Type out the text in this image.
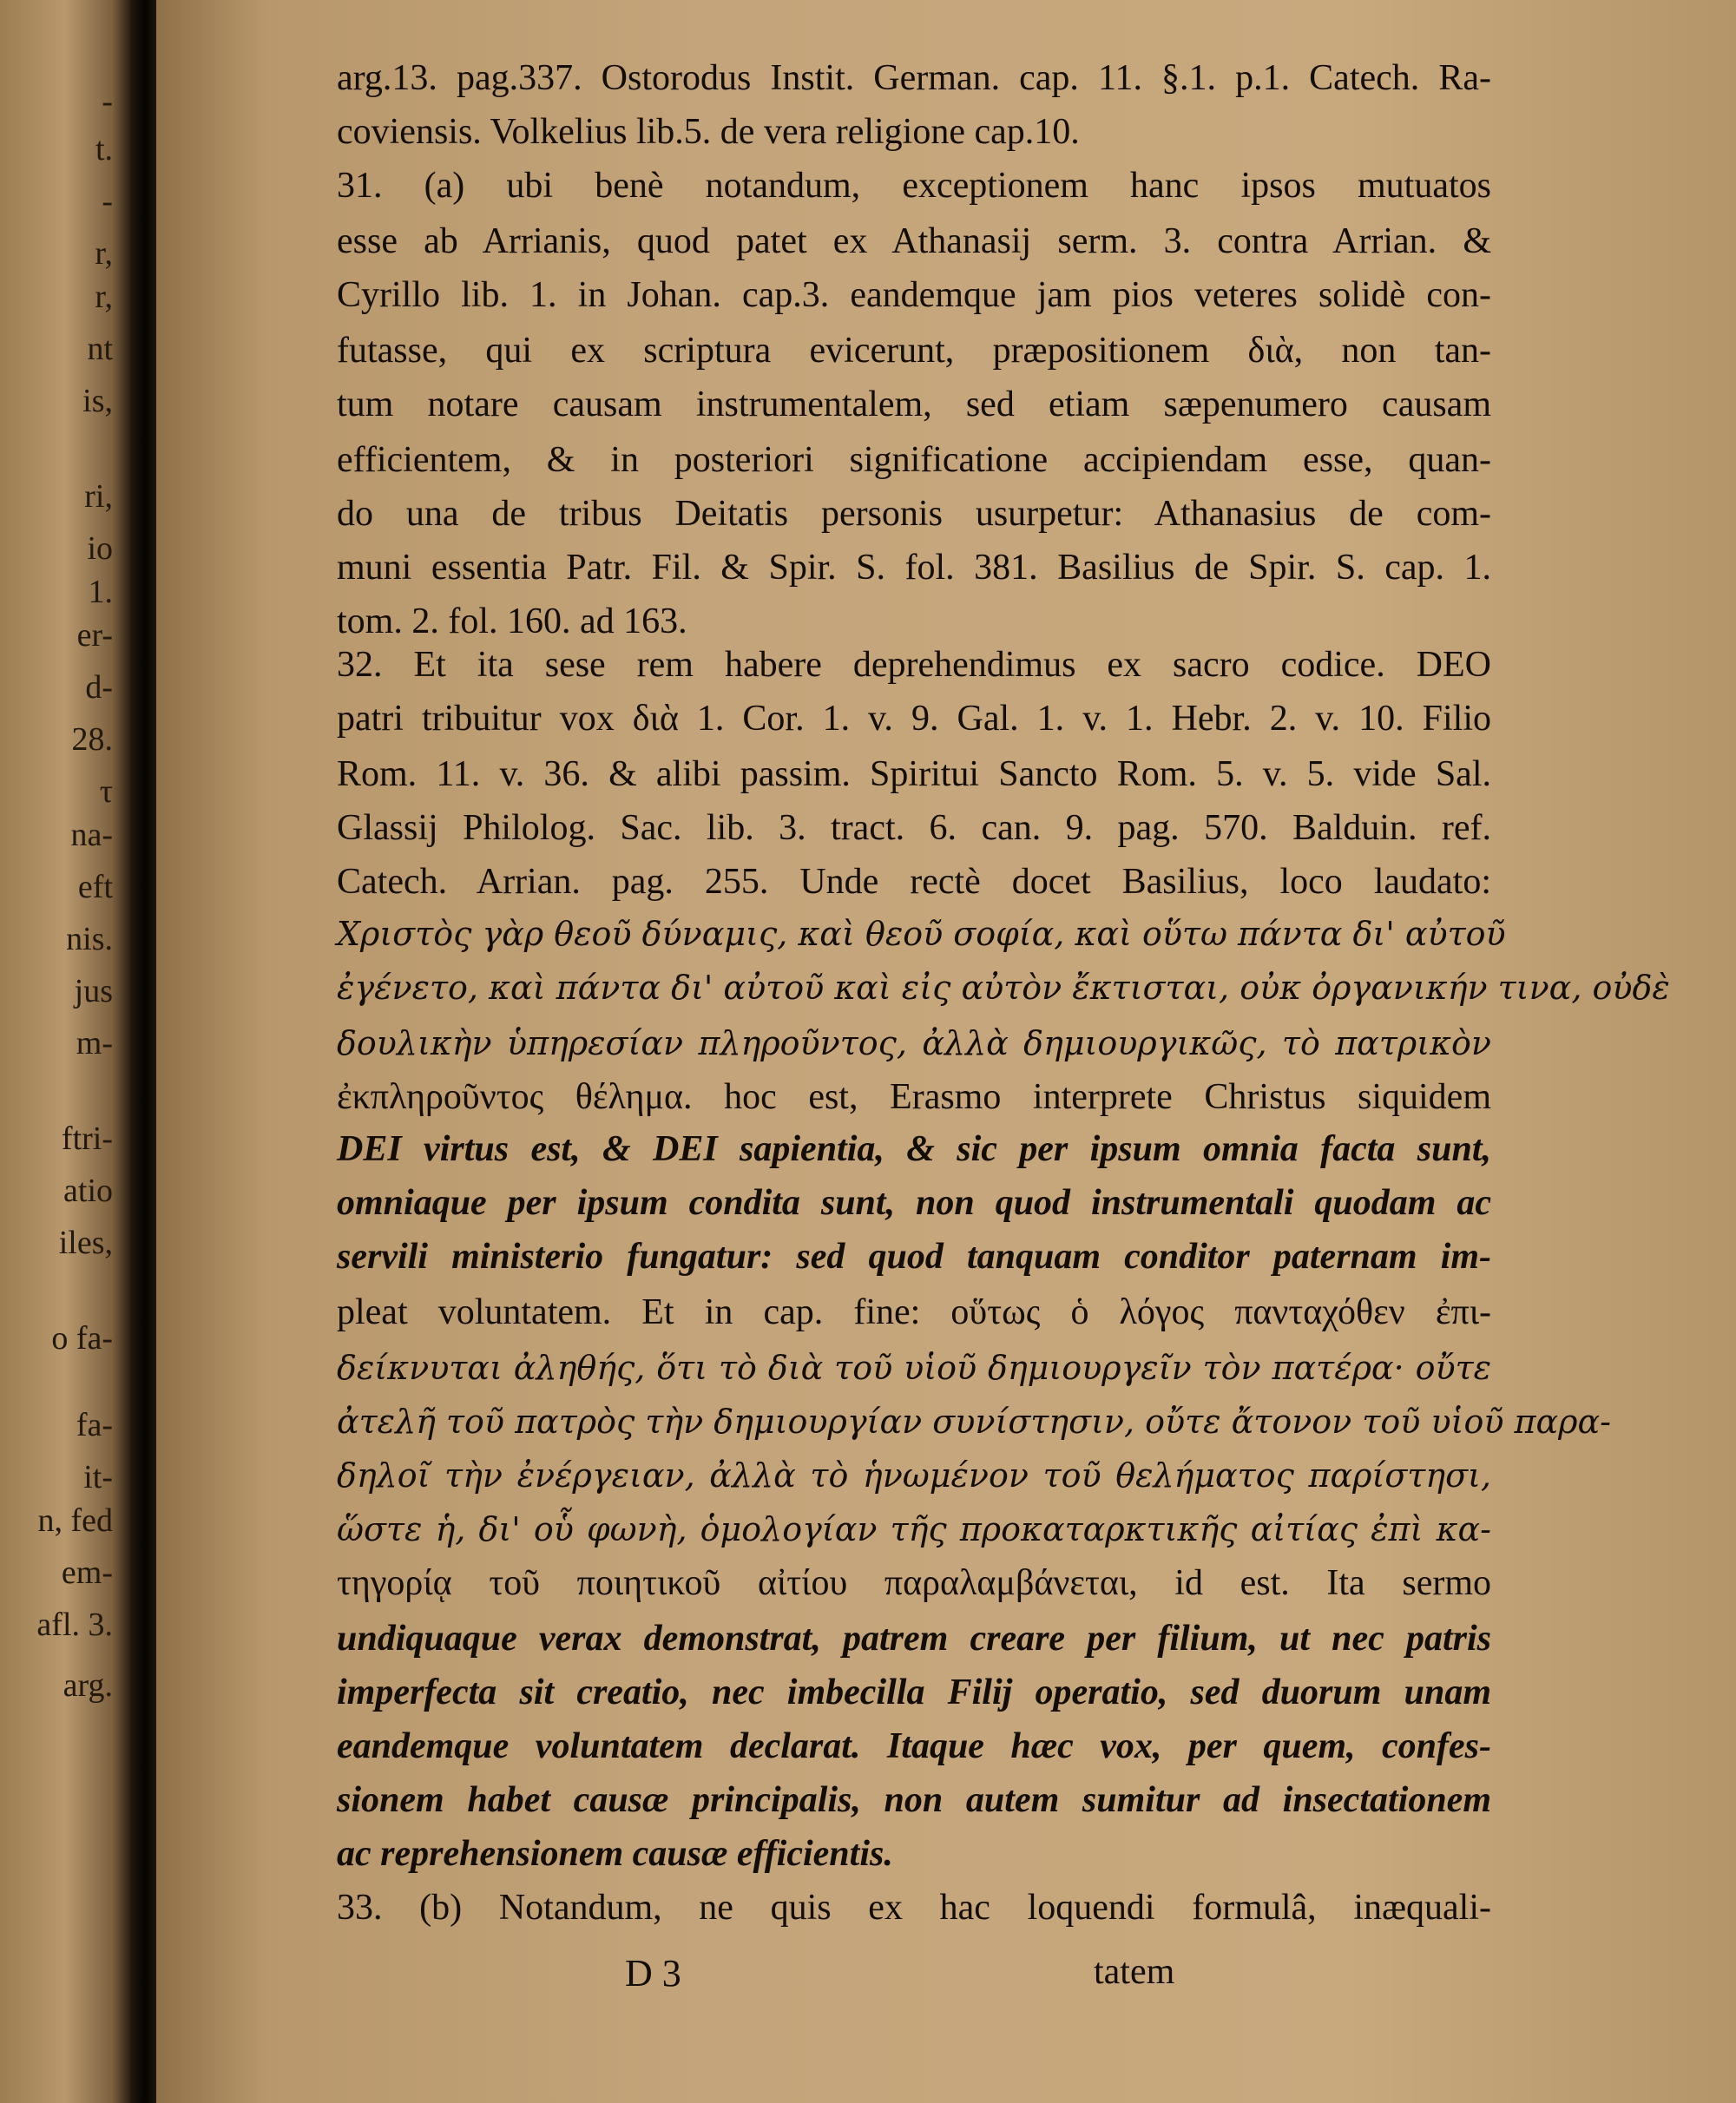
-
t.
-
r,
r,
nt
is,
ri,
io
1.
er-
d-
28.
τ
na-
eft
nis.
jus
m-
ftri-
atio
iles,
o fa-
fa-
it-
n, fed
em-
afl. 3.
arg.
arg.13. pag.337. Ostorodus Instit. German. cap. 11. §.1. p.1. Catech. Ra-
coviensis. Volkelius lib.5. de vera religione cap.10.
31. (a) ubi benè notandum, exceptionem hanc ipsos mutuatos
esse ab Arrianis, quod patet ex Athanasij serm. 3. contra Arrian. &
Cyrillo lib. 1. in Johan. cap.3. eandemque jam pios veteres solidè con-
futasse, qui ex scriptura evicerunt, præpositionem διὰ, non tan-
tum notare causam instrumentalem, sed etiam sæpenumero causam
efficientem, & in posteriori significatione accipiendam esse, quan-
do una de tribus Deitatis personis usurpetur: Athanasius de com-
muni essentia Patr. Fil. & Spir. S. fol. 381. Basilius de Spir. S. cap. 1.
tom. 2. fol. 160. ad 163.
32. Et ita sese rem habere deprehendimus ex sacro codice. DEO
patri tribuitur vox διὰ 1. Cor. 1. v. 9. Gal. 1. v. 1. Hebr. 2. v. 10. Filio
Rom. 11. v. 36. & alibi passim. Spiritui Sancto Rom. 5. v. 5. vide Sal.
Glassij Philolog. Sac. lib. 3. tract. 6. can. 9. pag. 570. Balduin. ref.
Catech. Arrian. pag. 255. Unde rectè docet Basilius, loco laudato:
Χριστὸς γὰρ θεοῦ δύναμις, καὶ θεοῦ σοφία, καὶ οὕτω πάντα δι' αὐτοῦ
ἐγένετο, καὶ πάντα δι' αὐτοῦ καὶ εἰς αὐτὸν ἔκτισται, οὐκ ὀργανικήν τινα, οὐδὲ
δουλικὴν ὑπηρεσίαν πληροῦντος, ἀλλὰ δημιουργικῶς, τὸ πατρικὸν
ἐκπληροῦντος θέλημα. hoc est, Erasmo interprete Christus siquidem
DEI virtus est, & DEI sapientia, & sic per ipsum omnia facta sunt,
omniaque per ipsum condita sunt, non quod instrumentali quodam ac
servili ministerio fungatur: sed quod tanquam conditor paternam im-
pleat voluntatem. Et in cap. fine: οὕτως ὁ λόγος πανταχόθεν ἐπι-
δείκνυται ἀληθής, ὅτι τὸ διὰ τοῦ υἱοῦ δημιουργεῖν τὸν πατέρα· οὔτε
ἀτελῆ τοῦ πατρὸς τὴν δημιουργίαν συνίστησιν, οὔτε ἄτονον τοῦ υἱοῦ παρα-
δηλοῖ τὴν ἐνέργειαν, ἀλλὰ τὸ ἡνωμένον τοῦ θελήματος παρίστησι,
ὥστε ἡ, δι' οὗ φωνὴ, ὁμολογίαν τῆς προκαταρκτικῆς αἰτίας ἐπὶ κα-
τηγορίᾳ τοῦ ποιητικοῦ αἰτίου παραλαμβάνεται, id est. Ita sermo
undiquaque verax demonstrat, patrem creare per filium, ut nec patris
imperfecta sit creatio, nec imbecilla Filij operatio, sed duorum unam
eandemque voluntatem declarat. Itaque hæc vox, per quem, confes-
sionem habet causæ principalis, non autem sumitur ad insectationem
ac reprehensionem causæ efficientis.
33. (b) Notandum, ne quis ex hac loquendi formulâ, inæquali-
D 3	tatem
